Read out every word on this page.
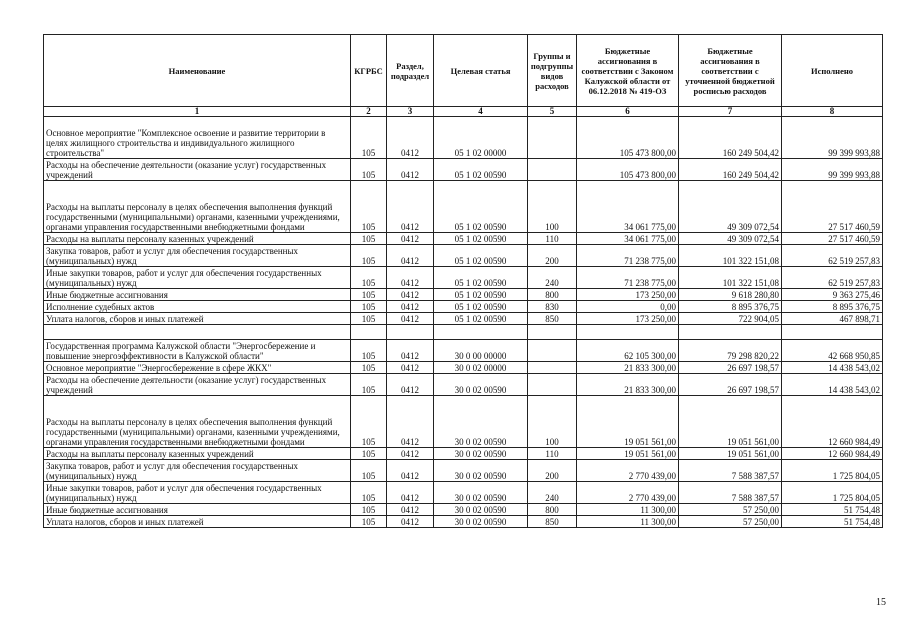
Наименование	КГРБС	Раздел, подраздел	Целевая статья	Группы и подгруппы видов расходов	Бюджетные ассигнования в соответствии с Законом Калужской области от 06.12.2018 № 419-ОЗ	Бюджетные ассигнования в соответствии с уточненной бюджетной росписью расходов	Исполнено
1	2	3	4	5	6	7	8
Основное мероприятие "Комплексное освоение и развитие территории в целях жилищного строительства и индивидуального жилищного строительства"	105	0412	05 1 02 00000		105 473 800,00	160 249 504,42	99 399 993,88
Расходы на обеспечение деятельности (оказание услуг) государственных учреждений	105	0412	05 1 02 00590		105 473 800,00	160 249 504,42	99 399 993,88
Расходы на выплаты персоналу в целях обеспечения выполнения функций государственными (муниципальными) органами, казенными учреждениями, органами управления государственными внебюджетными фондами	105	0412	05 1 02 00590	100	34 061 775,00	49 309 072,54	27 517 460,59
Расходы на выплаты персоналу казенных учреждений	105	0412	05 1 02 00590	110	34 061 775,00	49 309 072,54	27 517 460,59
Закупка товаров, работ и услуг для обеспечения государственных (муниципальных) нужд	105	0412	05 1 02 00590	200	71 238 775,00	101 322 151,08	62 519 257,83
Иные закупки товаров, работ и услуг для обеспечения государственных (муниципальных) нужд	105	0412	05 1 02 00590	240	71 238 775,00	101 322 151,08	62 519 257,83
Иные бюджетные ассигнования	105	0412	05 1 02 00590	800	173 250,00	9 618 280,80	9 363 275,46
Исполнение судебных актов	105	0412	05 1 02 00590	830	0,00	8 895 376,75	8 895 376,75
Уплата налогов, сборов и иных платежей	105	0412	05 1 02 00590	850	173 250,00	722 904,05	467 898,71

Государственная программа Калужской области "Энергосбережение и повышение энергоэффективности в Калужской области"	105	0412	30 0 00 00000		62 105 300,00	79 298 820,22	42 668 950,85
Основное мероприятие "Энергосбережение в сфере ЖКХ"	105	0412	30 0 02 00000		21 833 300,00	26 697 198,57	14 438 543,02
Расходы на обеспечение деятельности (оказание услуг) государственных учреждений	105	0412	30 0 02 00590		21 833 300,00	26 697 198,57	14 438 543,02
Расходы на выплаты персоналу в целях обеспечения выполнения функций государственными (муниципальными) органами, казенными учреждениями, органами управления государственными внебюджетными фондами	105	0412	30 0 02 00590	100	19 051 561,00	19 051 561,00	12 660 984,49
Расходы на выплаты персоналу казенных учреждений	105	0412	30 0 02 00590	110	19 051 561,00	19 051 561,00	12 660 984,49
Закупка товаров, работ и услуг для обеспечения государственных (муниципальных) нужд	105	0412	30 0 02 00590	200	2 770 439,00	7 588 387,57	1 725 804,05
Иные закупки товаров, работ и услуг для обеспечения государственных (муниципальных) нужд	105	0412	30 0 02 00590	240	2 770 439,00	7 588 387,57	1 725 804,05
Иные бюджетные ассигнования	105	0412	30 0 02 00590	800	11 300,00	57 250,00	51 754,48
Уплата налогов, сборов и иных платежей	105	0412	30 0 02 00590	850	11 300,00	57 250,00	51 754,48
15
